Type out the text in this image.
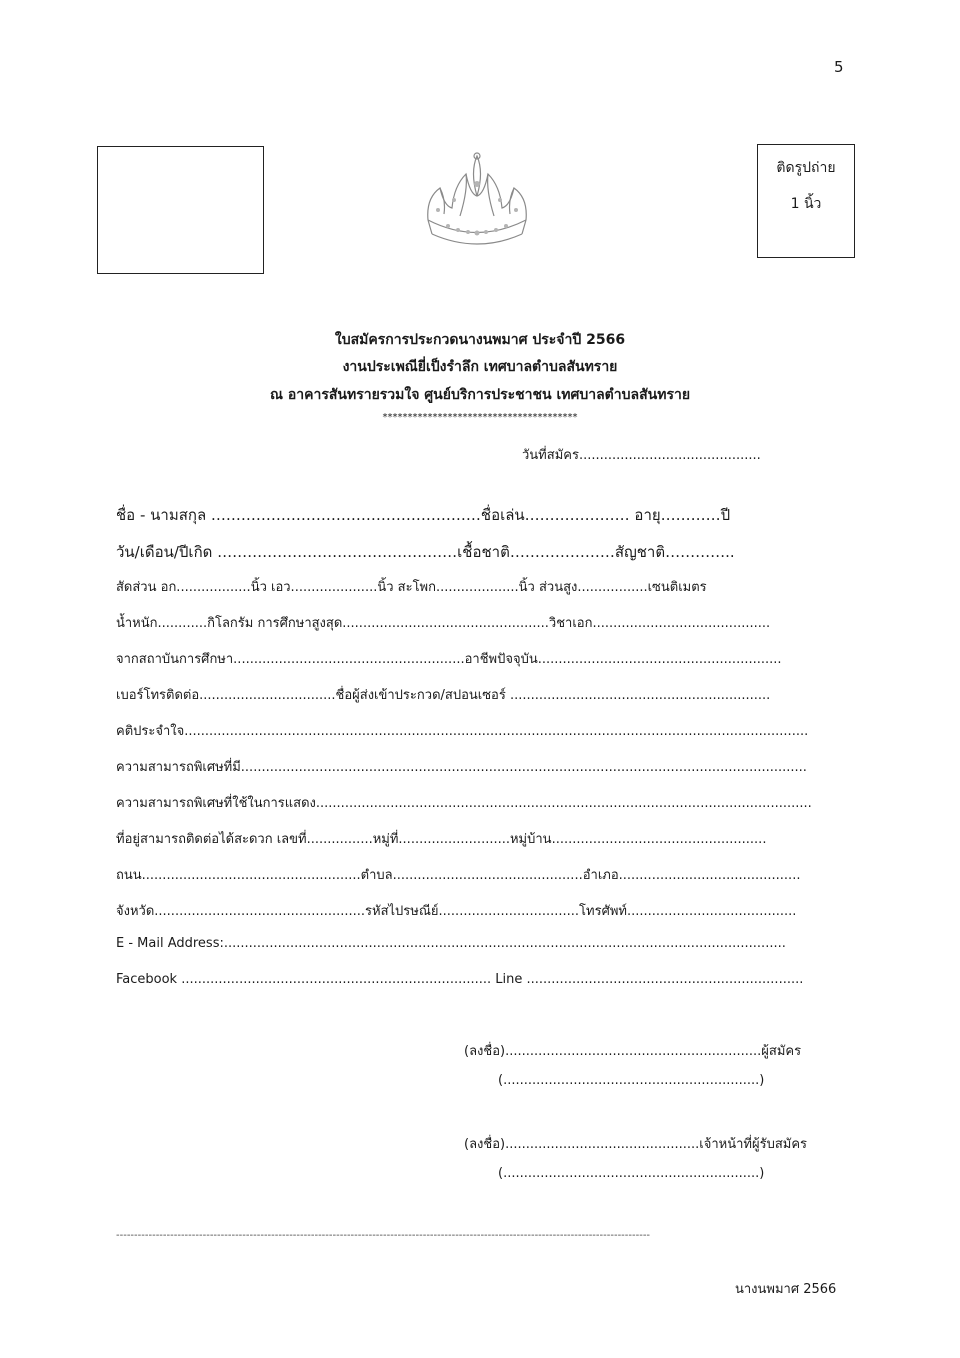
5
ติดรูปถ่าย
1 นิ้ว
ใบสมัครการประกวดนางนพมาศ ประจำปี 2566
งานประเพณียี่เป็งรำลึก เทศบาลตำบลสันทราย
ณ อาคารสันทรายรวมใจ ศูนย์บริการประชาชน เทศบาลตำบลสันทราย
***************************************
วันที่สมัคร............................................
ชื่อ - นามสกุล ………………………………………………ชื่อเล่น………………… อายุ…………ปี
วัน/เดือน/ปีเกิด …………………………………………เชื้อชาติ…………………สัญชาติ…………..
สัดส่วน อก..................นิ้ว เอว.....................นิ้ว สะโพก....................นิ้ว ส่วนสูง.................เซนติเมตร
น้ำหนัก............กิโลกรัม การศึกษาสูงสุด..................................................วิชาเอก...........................................
จากสถาบันการศึกษา........................................................อาชีพปัจจุบัน...........................................................
เบอร์โทรติดต่อ.................................ชื่อผู้ส่งเข้าประกวด/สปอนเซอร์ ...............................................................
คติประจำใจ.......................................................................................................................................................
ความสามารถพิเศษที่มี.........................................................................................................................................
ความสามารถพิเศษที่ใช้ในการแสดง........................................................................................................................
ที่อยู่สามารถติดต่อได้สะดวก เลขที่................หมู่ที่...........................หมู่บ้าน....................................................
ถนน.....................................................ตำบล..............................................อำเภอ............................................
จังหวัด...................................................รหัสไปรษณีย์..................................โทรศัพท์.........................................
E - Mail Address:........................................................................................................................................
Facebook ........................................................................... Line ...................................................................
(ลงชื่อ)..............................................................ผู้สมัคร
(..............................................................)
(ลงชื่อ)...............................................เจ้าหน้าที่ผู้รับสมัคร
(..............................................................)
----------------------------------------------------------------------------------------------------------------------------------------------------
นางนพมาศ 2566
